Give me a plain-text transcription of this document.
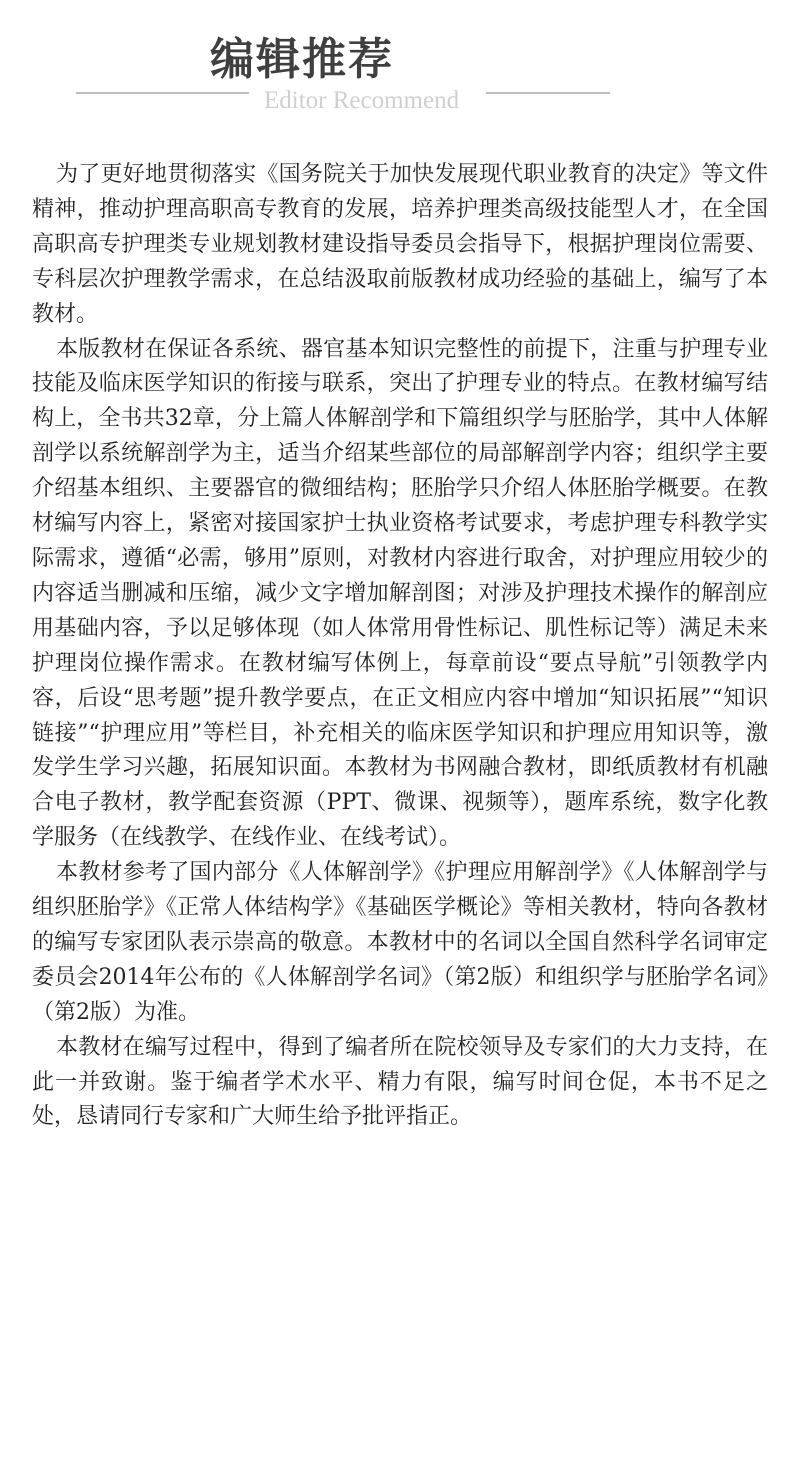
编辑推荐
Editor Recommend

为了更好地贯彻落实《国务院关于加快发展现代职业教育的决定》等文件精神，推动护理高职高专教育的发展，培养护理类高级技能型人才，在全国高职高专护理类专业规划教材建设指导委员会指导下，根据护理岗位需要、专科层次护理教学需求，在总结汲取前版教材成功经验的基础上，编写了本教材。

本版教材在保证各系统、器官基本知识完整性的前提下，注重与护理专业技能及临床医学知识的衔接与联系，突出了护理专业的特点。在教材编写结构上，全书共32章，分上篇人体解剖学和下篇组织学与胚胎学，其中人体解剖学以系统解剖学为主，适当介绍某些部位的局部解剖学内容；组织学主要介绍基本组织、主要器官的微细结构；胚胎学只介绍人体胚胎学概要。在教材编写内容上，紧密对接国家护士执业资格考试要求，考虑护理专科教学实际需求，遵循“必需，够用”原则，对教材内容进行取舍，对护理应用较少的内容适当删减和压缩，减少文字增加解剖图；对涉及护理技术操作的解剖应用基础内容，予以足够体现（如人体常用骨性标记、肌性标记等）满足未来护理岗位操作需求。在教材编写体例上，每章前设“要点导航”引领教学内容，后设“思考题”提升教学要点，在正文相应内容中增加“知识拓展”“知识链接”“护理应用”等栏目，补充相关的临床医学知识和护理应用知识等，激发学生学习兴趣，拓展知识面。本教材为书网融合教材，即纸质教材有机融合电子教材，教学配套资源（PPT、微课、视频等），题库系统，数字化教学服务（在线教学、在线作业、在线考试）。

本教材参考了国内部分《人体解剖学》《护理应用解剖学》《人体解剖学与组织胚胎学》《正常人体结构学》《基础医学概论》等相关教材，特向各教材的编写专家团队表示崇高的敬意。本教材中的名词以全国自然科学名词审定委员会2014年公布的《人体解剖学名词》（第2版）和组织学与胚胎学名词》（第2版）为准。

本教材在编写过程中，得到了编者所在院校领导及专家们的大力支持，在此一并致谢。鉴于编者学术水平、精力有限，编写时间仓促，本书不足之处，恳请同行专家和广大师生给予批评指正。
